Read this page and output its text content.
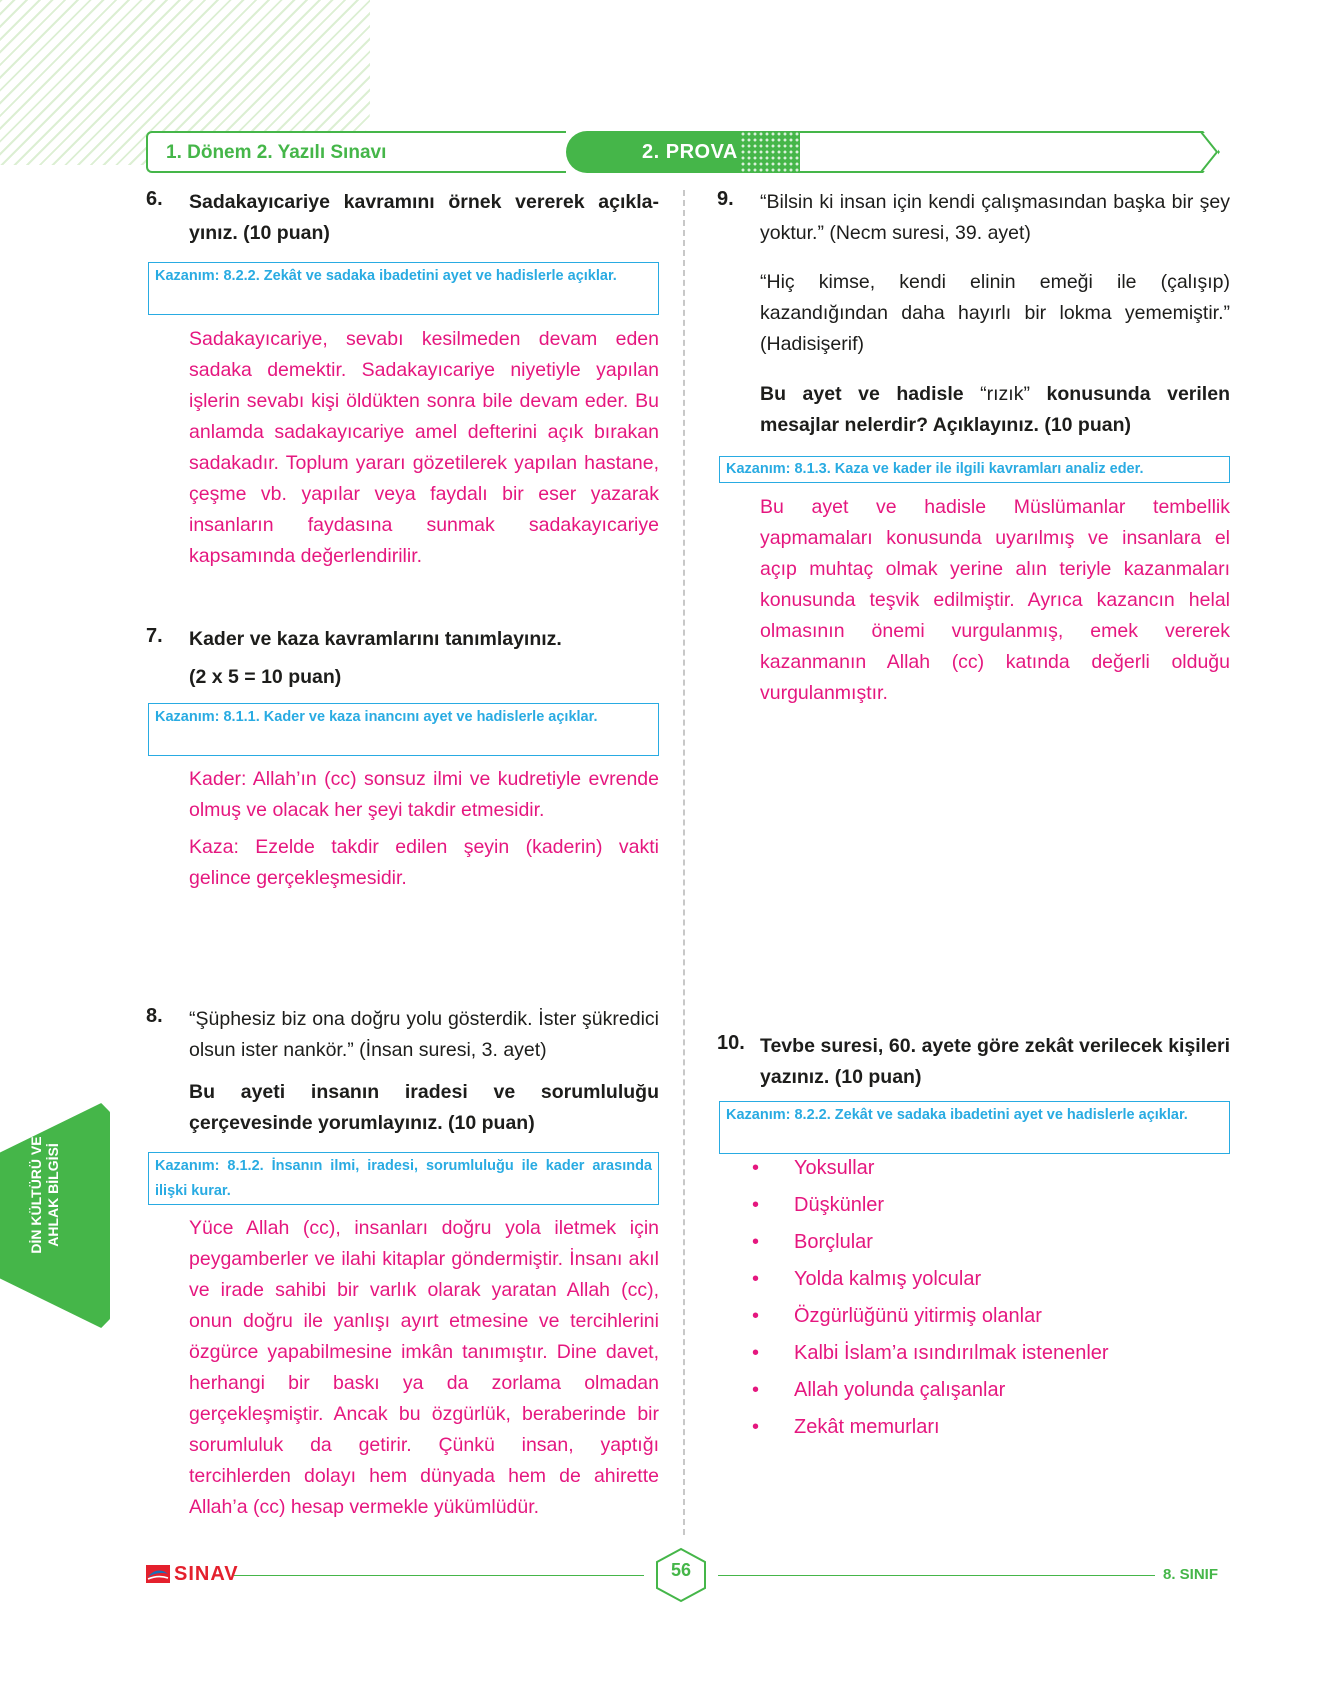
1. Dönem 2. Yazılı Sınavı	2. PROVA
6. Sadakayıcariye kavramını örnek vererek açıkla-yınız. (10 puan)
Kazanım: 8.2.2. Zekât ve sadaka ibadetini ayet ve hadislerle açıklar.
Sadakayıcariye, sevabı kesilmeden devam eden sadaka demektir. Sadakayıcariye niyetiyle yapılan işlerin sevabı kişi öldükten sonra bile devam eder. Bu anlamda sadakayıcariye amel defterini açık bırakan sadakadır. Toplum yararı gözetilerek yapılan hastane, çeşme vb. yapılar veya faydalı bir eser yazarak insanların faydasına sunmak sadakayıcariye kapsamında değerlendirilir.
7. Kader ve kaza kavramlarını tanımlayınız.
(2 x 5 = 10 puan)
Kazanım: 8.1.1. Kader ve kaza inancını ayet ve hadislerle açıklar.
Kader: Allah’ın (cc) sonsuz ilmi ve kudretiyle evrende olmuş ve olacak her şeyi takdir etmesidir.
Kaza: Ezelde takdir edilen şeyin (kaderin) vakti gelince gerçekleşmesidir.
8. “Şüphesiz biz ona doğru yolu gösterdik. İster şükredici olsun ister nankör.” (İnsan suresi, 3. ayet)
Bu ayeti insanın iradesi ve sorumluluğu çerçevesinde yorumlayınız. (10 puan)
Kazanım: 8.1.2. İnsanın ilmi, iradesi, sorumluluğu ile kader arasında ilişki kurar.
Yüce Allah (cc), insanları doğru yola iletmek için peygamberler ve ilahi kitaplar göndermiştir. İnsanı akıl ve irade sahibi bir varlık olarak yaratan Allah (cc), onun doğru ile yanlışı ayırt etmesine ve tercihlerini özgürce yapabilmesine imkân tanımıştır. Dine davet, herhangi bir baskı ya da zorlama olmadan gerçekleşmiştir. Ancak bu özgürlük, beraberinde bir sorumluluk da getirir. Çünkü insan, yaptığı tercihlerden dolayı hem dünyada hem de ahirette Allah’a (cc) hesap vermekle yükümlüdür.
9. “Bilsin ki insan için kendi çalışmasından başka bir şey yoktur.” (Necm suresi, 39. ayet)
“Hiç kimse, kendi elinin emeği ile (çalışıp) kazandığından daha hayırlı bir lokma yememiştir.” (Hadisişerif)
Bu ayet ve hadisle “rızık” konusunda verilen mesajlar nelerdir? Açıklayınız. (10 puan)
Kazanım: 8.1.3. Kaza ve kader ile ilgili kavramları analiz eder.
Bu ayet ve hadisle Müslümanlar tembellik yapmamaları konusunda uyarılmış ve insanlara el açıp muhtaç olmak yerine alın teriyle kazanmaları konusunda teşvik edilmiştir. Ayrıca kazancın helal olmasının önemi vurgulanmış, emek vererek kazanmanın Allah (cc) katında değerli olduğu vurgulanmıştır.
10. Tevbe suresi, 60. ayete göre zekât verilecek kişileri yazınız. (10 puan)
Kazanım: 8.2.2. Zekât ve sadaka ibadetini ayet ve hadislerle açıklar.
• Yoksullar
• Düşkünler
• Borçlular
• Yolda kalmış yolcular
• Özgürlüğünü yitirmiş olanlar
• Kalbi İslam’a ısındırılmak istenenler
• Allah yolunda çalışanlar
• Zekât memurları
DİN KÜLTÜRÜ VE AHLAK BİLGİSİ
SINAV	56	8. SINIF
